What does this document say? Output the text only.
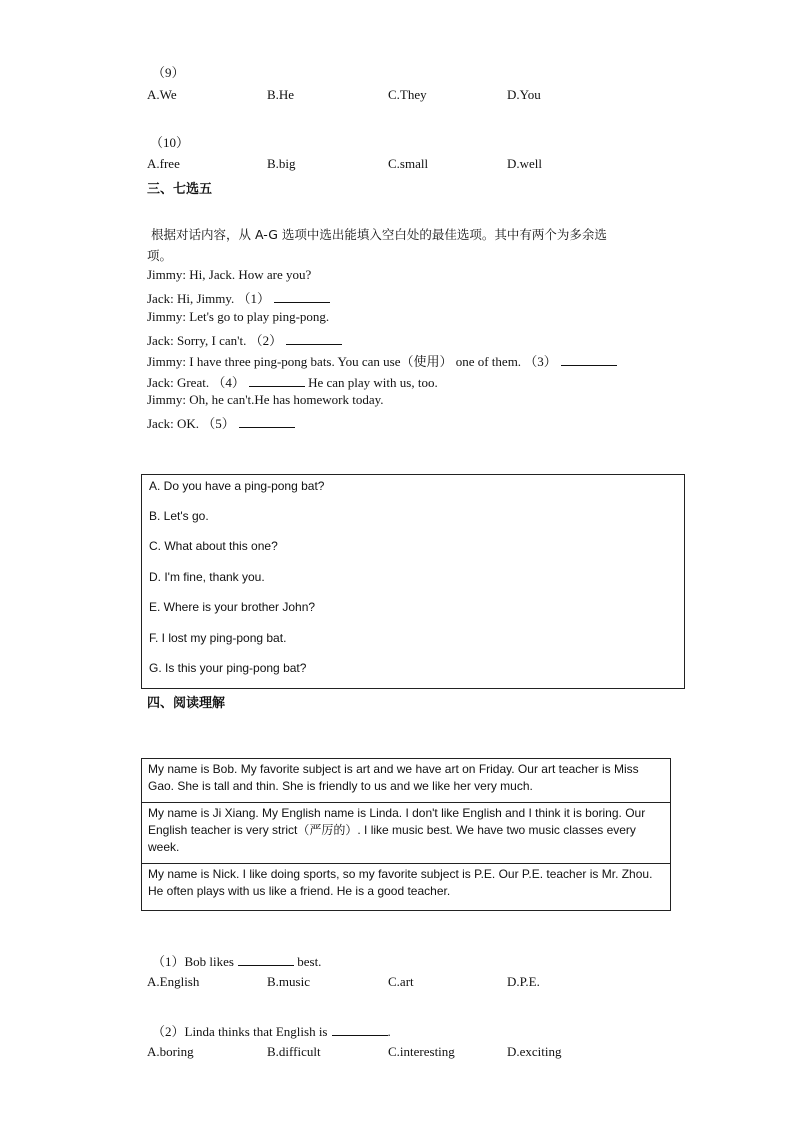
（9）
A.We	B.He	C.They	D.You
（10）
A.free	B.big	C.small	D.well
三、七选五
根据对话内容，从 A-G 选项中选出能填入空白处的最佳选项。其中有两个为多余选
项。
Jimmy: Hi, Jack. How are you?
Jack: Hi, Jimmy. （1）
Jimmy: Let's go to play ping-pong.
Jack: Sorry, I can't. （2）
Jimmy: I have three ping-pong bats. You can use（使用） one of them. （3）
Jack: Great. （4）	He can play with us, too.
Jimmy: Oh, he can't.He has homework today.
Jack: OK. （5）
A. Do you have a ping-pong bat?
B. Let's go.
C. What about this one?
D. I'm fine, thank you.
E. Where is your brother John?
F. I lost my ping-pong bat.
G. Is this your ping-pong bat?
四、阅读理解
My name is Bob. My favorite subject is art and we have art on Friday. Our art teacher is Miss Gao. She is tall and thin. She is friendly to us and we like her very much.
My name is Ji Xiang. My English name is Linda. I don't like English and I think it is boring. Our English teacher is very strict（严厉的）. I like music best. We have two music classes every week.
My name is Nick. I like doing sports, so my favorite subject is P.E. Our P.E. teacher is Mr. Zhou. He often plays with us like a friend. He is a good teacher.
（1）Bob likes	best.
A.English	B.music	C.art	D.P.E.
（2）Linda thinks that English is	.
A.boring	B.difficult	C.interesting	D.exciting
